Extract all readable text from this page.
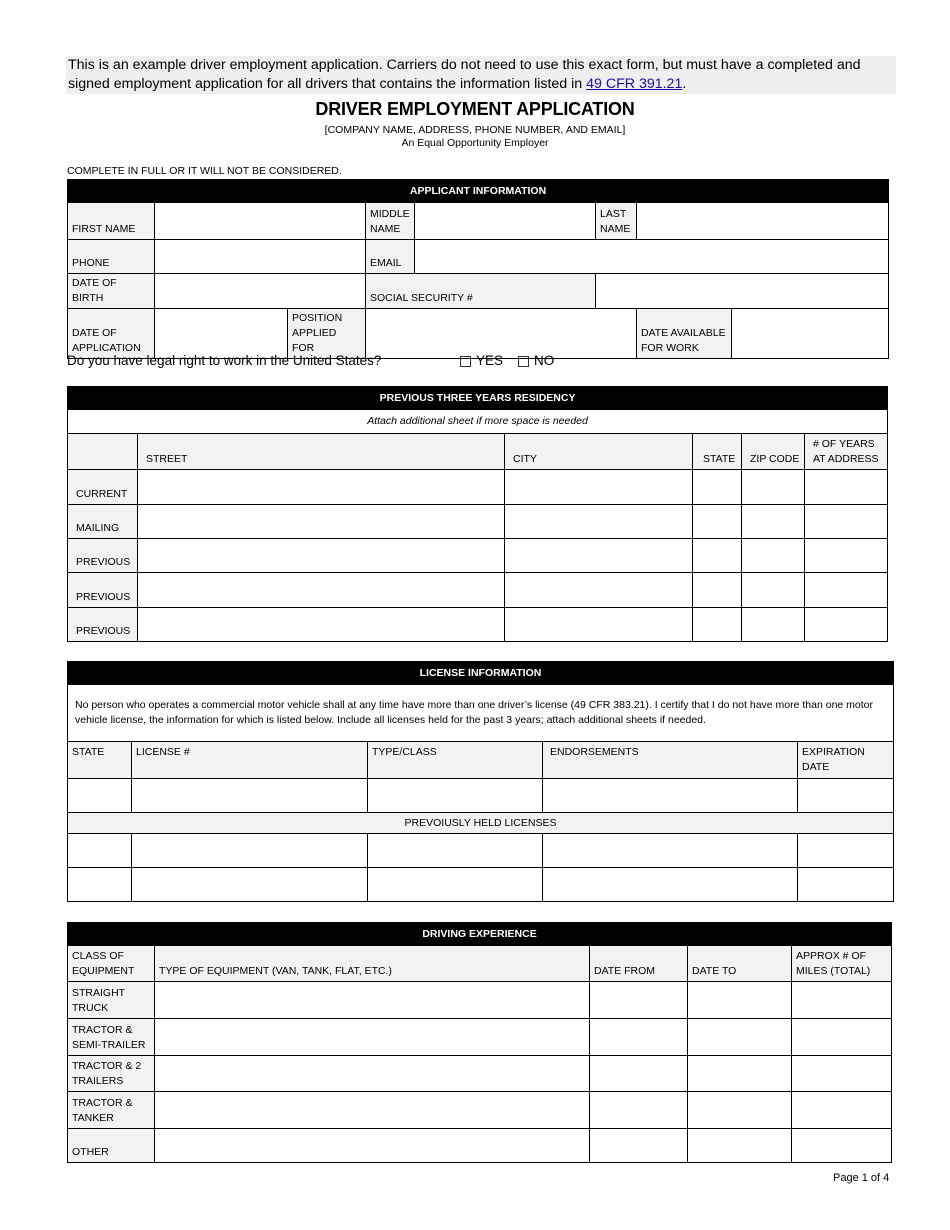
This is an example driver employment application. Carriers do not need to use this exact form, but must have a completed and signed employment application for all drivers that contains the information listed in 49 CFR 391.21.
DRIVER EMPLOYMENT APPLICATION
[COMPANY NAME, ADDRESS, PHONE NUMBER, AND EMAIL]
An Equal Opportunity Employer
COMPLETE IN FULL OR IT WILL NOT BE CONSIDERED.
APPLICANT INFORMATION							
FIRST NAME			MIDDLE NAME		LAST NAME		
PHONE			EMAIL				
DATE OF BIRTH			SOCIAL SECURITY #				

DATE OF APPLICATION		POSITION APPLIED FOR				DATE AVAILABLE FOR WORK	
Do you have legal right to work in the United States?	YES NO
PREVIOUS THREE YEARS RESIDENCY					
Attach additional sheet if more space is needed					
	STREET	CITY	STATE	ZIP CODE	# OF YEARS AT ADDRESS
CURRENT					
MAILING					
PREVIOUS					
PREVIOUS					
PREVIOUS					
LICENSE INFORMATION				
No person who operates a commercial motor vehicle shall at any time have more than one driver’s license (49 CFR 383.21). I certify that I do not have more than one motor vehicle license, the information for which is listed below. Include all licenses held for the past 3 years; attach additional sheets if needed.				
STATE	LICENSE #	TYPE/CLASS	ENDORSEMENTS	EXPIRATION DATE

PREVOIUSLY HELD LICENSES				

DRIVING EXPERIENCE				
CLASS OF EQUIPMENT	TYPE OF EQUIPMENT (VAN, TANK, FLAT, ETC.)	DATE FROM	DATE TO	APPROX # OF MILES (TOTAL)
STRAIGHT TRUCK				
TRACTOR & SEMI-TRAILER				
TRACTOR & 2 TRAILERS				
TRACTOR & TANKER				
OTHER				
Page 1 of 4
